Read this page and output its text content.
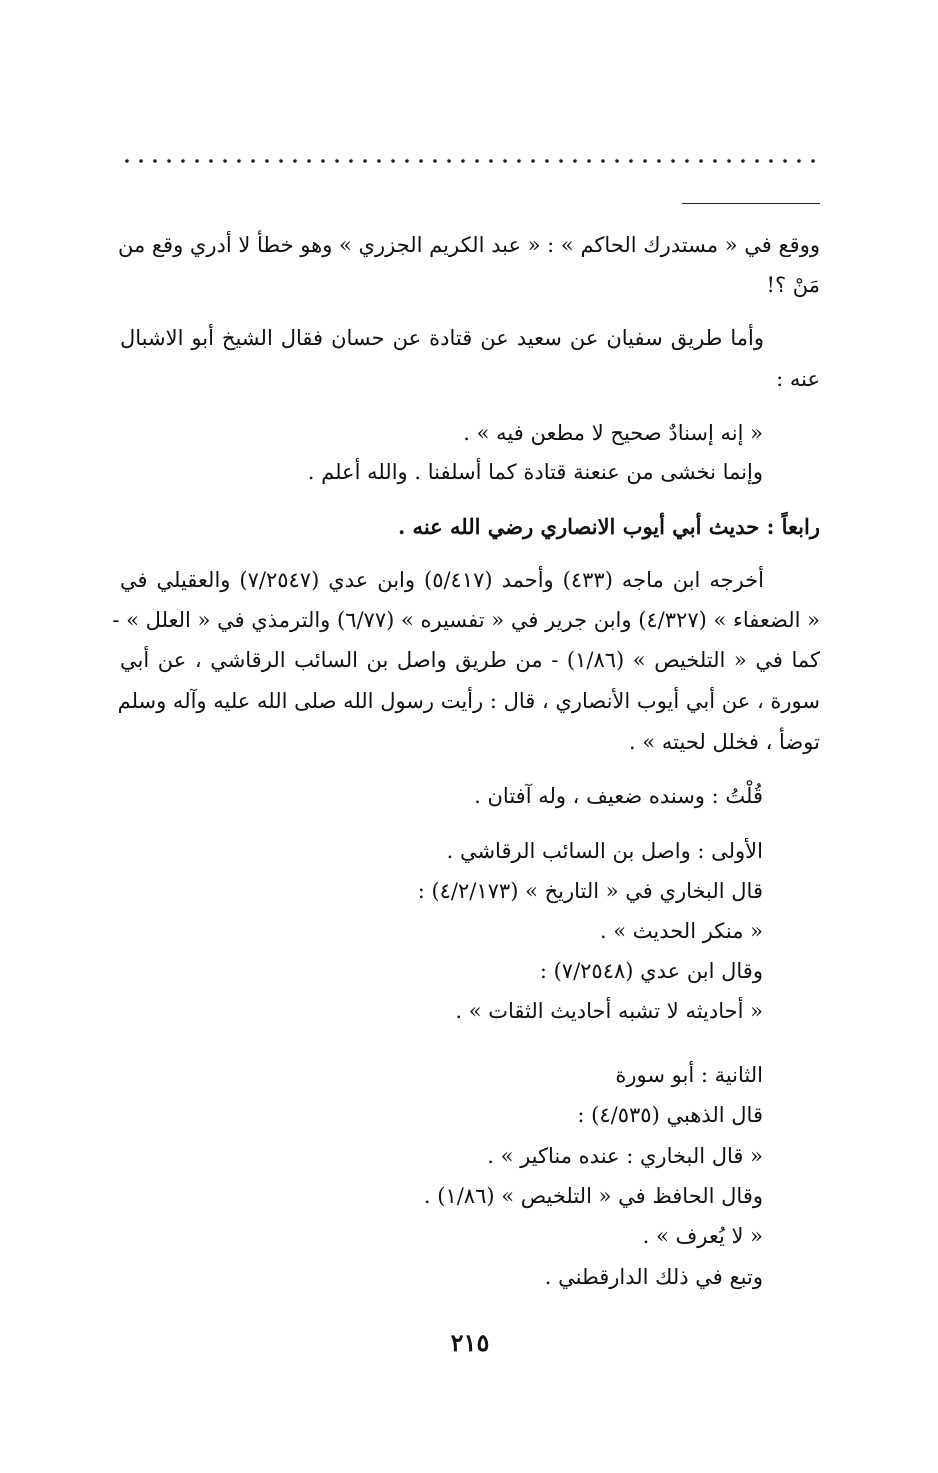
ووقع في « مستدرك الحاكم » : « عبد الكريم الجزري » وهو خطأ لا أدري وقع من
مَنْ ؟!
وأما طريق سفيان عن سعيد عن قتادة عن حسان فقال الشيخ أبو الاشبال
عنه :
« إنه إسنادٌ صحيح لا مطعن فيه » .
وإنما نخشى من عنعنة قتادة كما أسلفنا . والله أعلم .
رابعاً : حديث أبي أيوب الانصاري رضي الله عنه .
أخرجه ابن ماجه (٤٣٣) وأحمد (٥/٤١٧) وابن عدي (٧/٢٥٤٧) والعقيلي في
« الضعفاء » (٤/٣٢٧) وابن جرير في « تفسيره » (٦/٧٧) والترمذي في « العلل » -
كما في « التلخيص » (١/٨٦) - من طريق واصل بن السائب الرقاشي ، عن أبي
سورة ، عن أبي أيوب الأنصاري ، قال : رأيت رسول الله صلى الله عليه وآله وسلم
توضأ ، فخلل لحيته » .
قُلْتُ : وسنده ضعيف ، وله آفتان .
الأولى : واصل بن السائب الرقاشي .
قال البخاري في « التاريخ » (٤/٢/١٧٣) :
« منكر الحديث » .
وقال ابن عدي (٧/٢٥٤٨) :
« أحاديثه لا تشبه أحاديث الثقات » .
الثانية : أبو سورة
قال الذهبي (٤/٥٣٥) :
« قال البخاري : عنده مناكير » .
وقال الحافظ في « التلخيص » (١/٨٦) .
« لا يُعرف » .
وتبع في ذلك الدارقطني .
٢١٥
